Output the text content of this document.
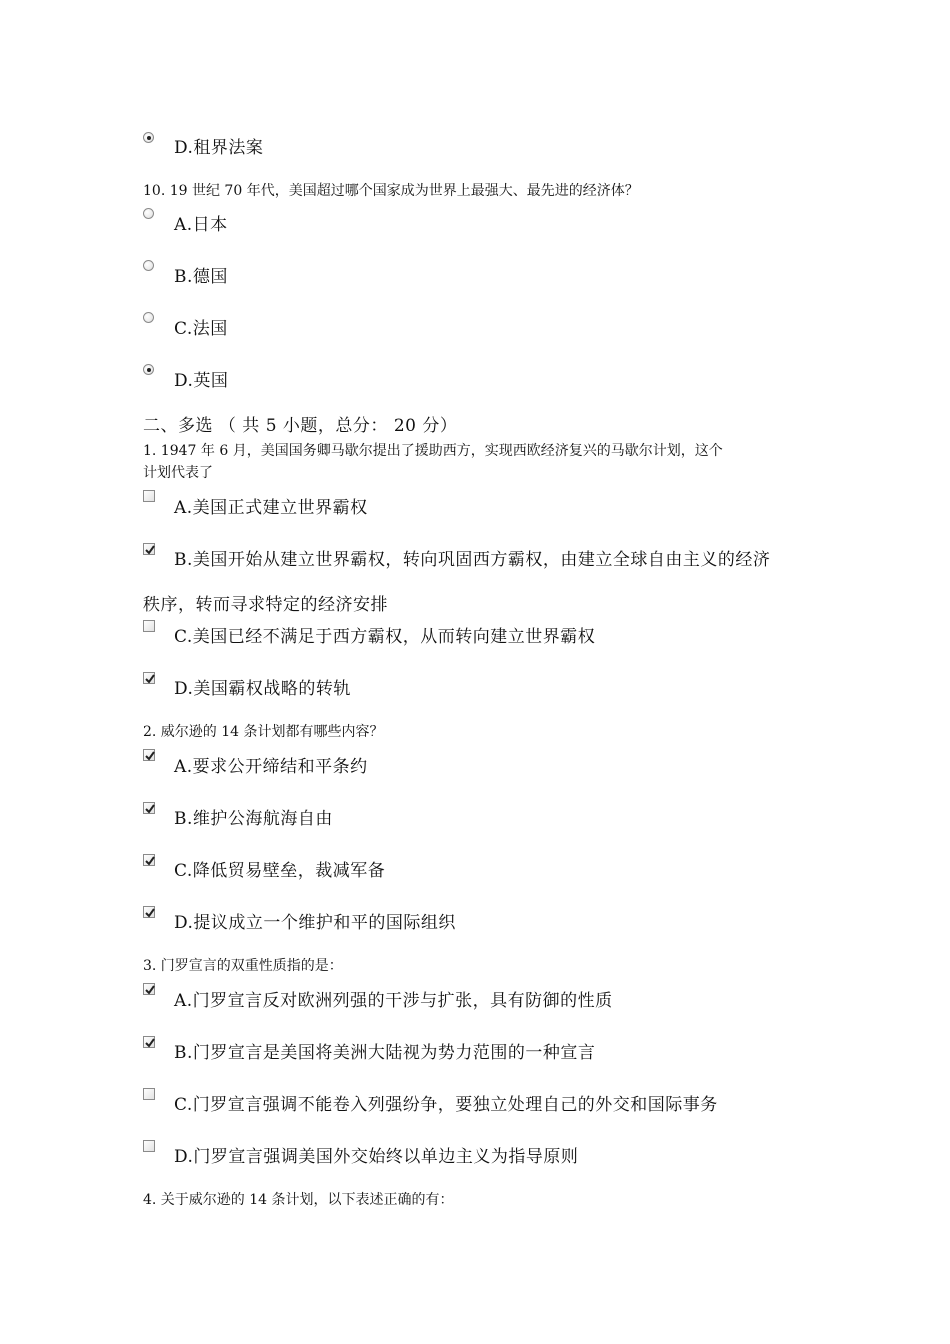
D.租界法案
10. 19 世纪 70 年代，美国超过哪个国家成为世界上最强大、最先进的经济体？
A.日本
B.德国
C.法国
D.英国
二、多选 （ 共 5 小题，总分： 20 分）
1. 1947 年 6 月，美国国务卿马歇尔提出了援助西方，实现西欧经济复兴的马歇尔计划，这个
计划代表了
A.美国正式建立世界霸权
B.美国开始从建立世界霸权，转向巩固西方霸权，由建立全球自由主义的经济
秩序，转而寻求特定的经济安排
C.美国已经不满足于西方霸权，从而转向建立世界霸权
D.美国霸权战略的转轨
2. 威尔逊的 14 条计划都有哪些内容？
A.要求公开缔结和平条约
B.维护公海航海自由
C.降低贸易壁垒，裁减军备
D.提议成立一个维护和平的国际组织
3. 门罗宣言的双重性质指的是：
A.门罗宣言反对欧洲列强的干涉与扩张，具有防御的性质
B.门罗宣言是美国将美洲大陆视为势力范围的一种宣言
C.门罗宣言强调不能卷入列强纷争，要独立处理自己的外交和国际事务
D.门罗宣言强调美国外交始终以单边主义为指导原则
4. 关于威尔逊的 14 条计划，以下表述正确的有：
